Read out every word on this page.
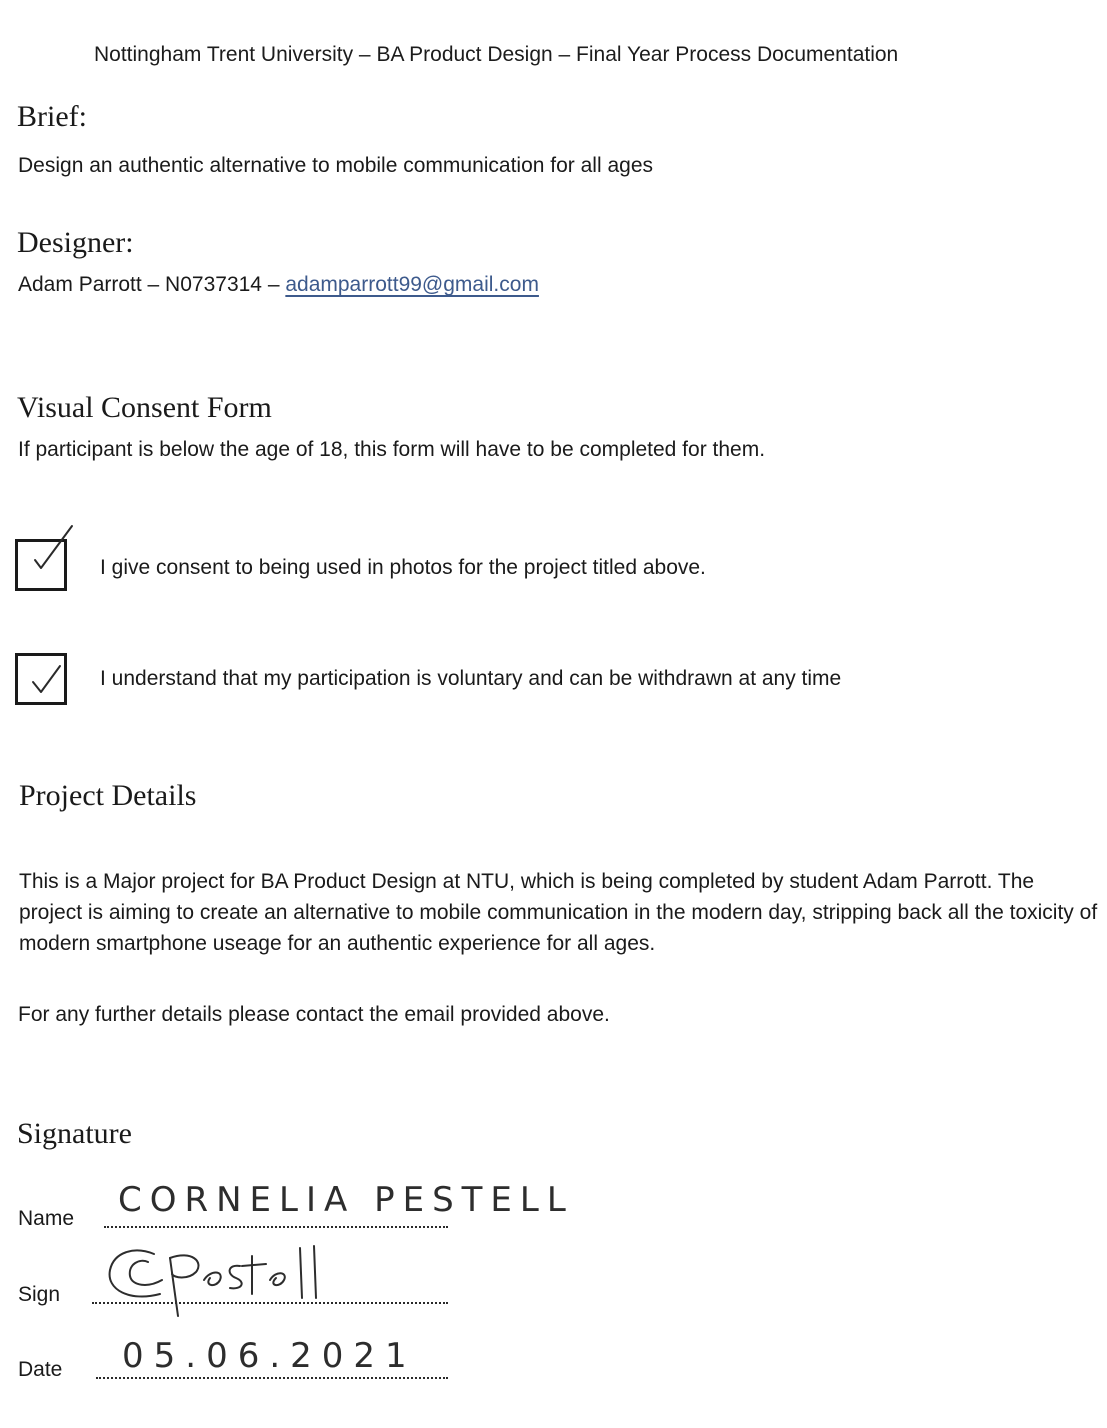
Nottingham Trent University – BA Product Design – Final Year Process Documentation
Brief:
Design an authentic alternative to mobile communication for all ages
Designer:
Adam Parrott – N0737314 – adamparrott99@gmail.com
Visual Consent Form
If participant is below the age of 18, this form will have to be completed for them.
I give consent to being used in photos for the project titled above.
I understand that my participation is voluntary and can be withdrawn at any time
Project Details
This is a Major project for BA Product Design at NTU, which is being completed by student Adam Parrott. The project is aiming to create an alternative to mobile communication in the modern day, stripping back all the toxicity of modern smartphone useage for an authentic experience for all ages.
For any further details please contact the email provided above.
Signature
Name CORNELIA PESTELL
Sign
Date 05.06.2021
